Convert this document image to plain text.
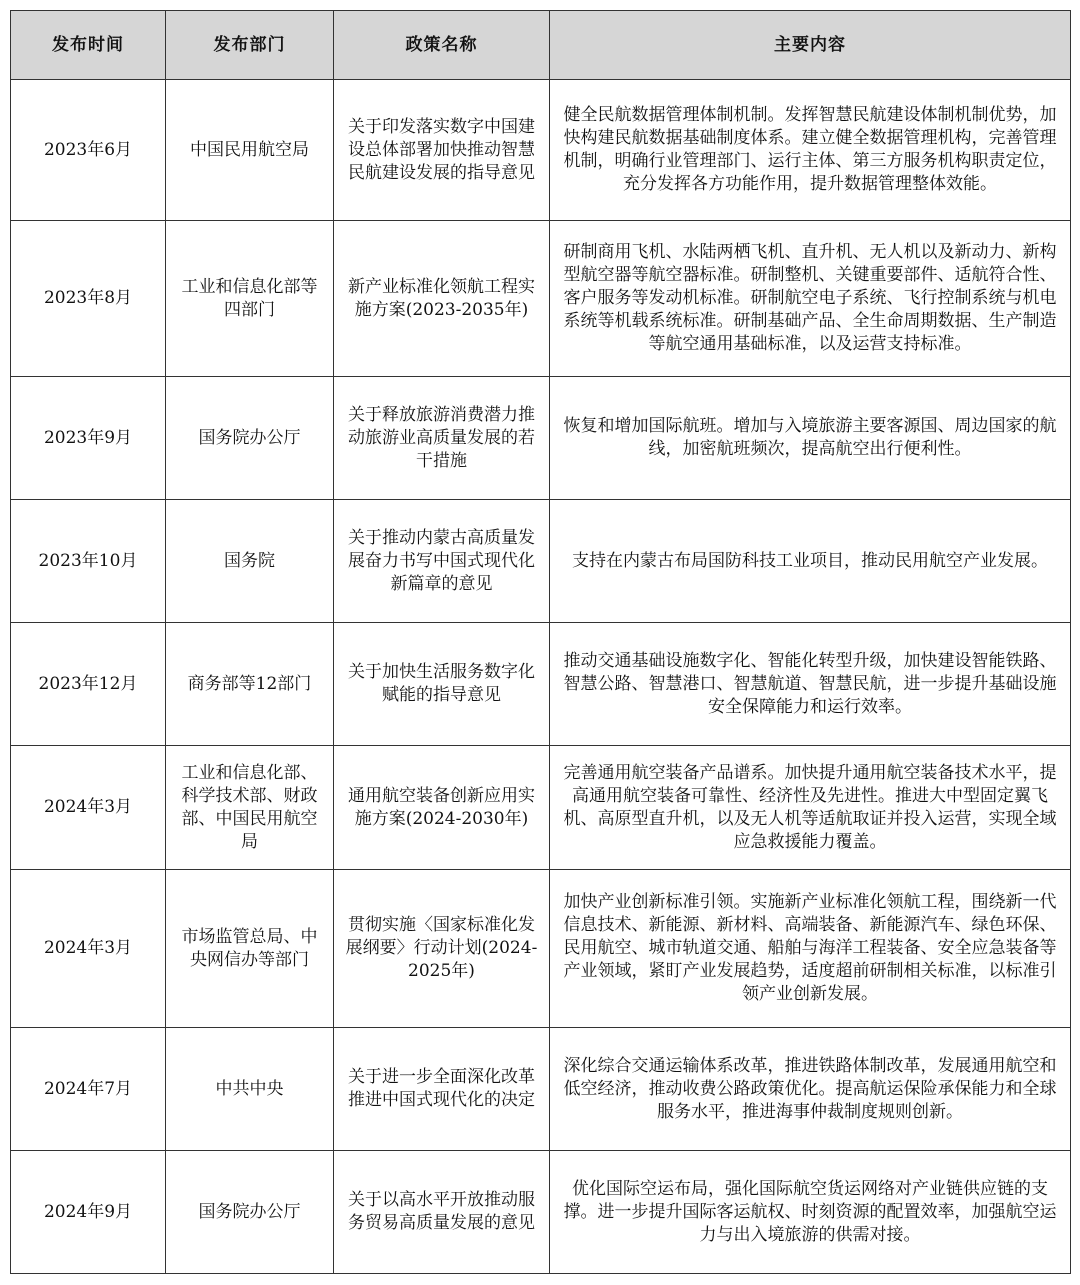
发布时间	发布部门	政策名称	主要内容
2023年6月	中国民用航空局	关于印发落实数字中国建设总体部署加快推动智慧民航建设发展的指导意见	健全民航数据管理体制机制。发挥智慧民航建设体制机制优势，加快构建民航数据基础制度体系。建立健全数据管理机构，完善管理机制，明确行业管理部门、运行主体、第三方服务机构职责定位，充分发挥各方功能作用，提升数据管理整体效能。
2023年8月	工业和信息化部等四部门	新产业标准化领航工程实施方案(2023-2035年)	研制商用飞机、水陆两栖飞机、直升机、无人机以及新动力、新构型航空器等航空器标准。研制整机、关键重要部件、适航符合性、客户服务等发动机标准。研制航空电子系统、飞行控制系统与机电系统等机载系统标准。研制基础产品、全生命周期数据、生产制造等航空通用基础标准，以及运营支持标准。
2023年9月	国务院办公厅	关于释放旅游消费潜力推动旅游业高质量发展的若干措施	恢复和增加国际航班。增加与入境旅游主要客源国、周边国家的航线，加密航班频次，提高航空出行便利性。
2023年10月	国务院	关于推动内蒙古高质量发展奋力书写中国式现代化新篇章的意见	支持在内蒙古布局国防科技工业项目，推动民用航空产业发展。
2023年12月	商务部等12部门	关于加快生活服务数字化赋能的指导意见	推动交通基础设施数字化、智能化转型升级，加快建设智能铁路、智慧公路、智慧港口、智慧航道、智慧民航，进一步提升基础设施安全保障能力和运行效率。
2024年3月	工业和信息化部、科学技术部、财政部、中国民用航空局	通用航空装备创新应用实施方案(2024-2030年)	完善通用航空装备产品谱系。加快提升通用航空装备技术水平，提高通用航空装备可靠性、经济性及先进性。推进大中型固定翼飞机、高原型直升机，以及无人机等适航取证并投入运营，实现全域应急救援能力覆盖。
2024年3月	市场监管总局、中央网信办等部门	贯彻实施〈国家标准化发展纲要〉行动计划(2024-2025年)	加快产业创新标准引领。实施新产业标准化领航工程，围绕新一代信息技术、新能源、新材料、高端装备、新能源汽车、绿色环保、民用航空、城市轨道交通、船舶与海洋工程装备、安全应急装备等产业领域，紧盯产业发展趋势，适度超前研制相关标准，以标准引领产业创新发展。
2024年7月	中共中央	关于进一步全面深化改革推进中国式现代化的决定	深化综合交通运输体系改革，推进铁路体制改革，发展通用航空和低空经济，推动收费公路政策优化。提高航运保险承保能力和全球服务水平，推进海事仲裁制度规则创新。
2024年9月	国务院办公厅	关于以高水平开放推动服务贸易高质量发展的意见	优化国际空运布局，强化国际航空货运网络对产业链供应链的支撑。进一步提升国际客运航权、时刻资源的配置效率，加强航空运力与出入境旅游的供需对接。
